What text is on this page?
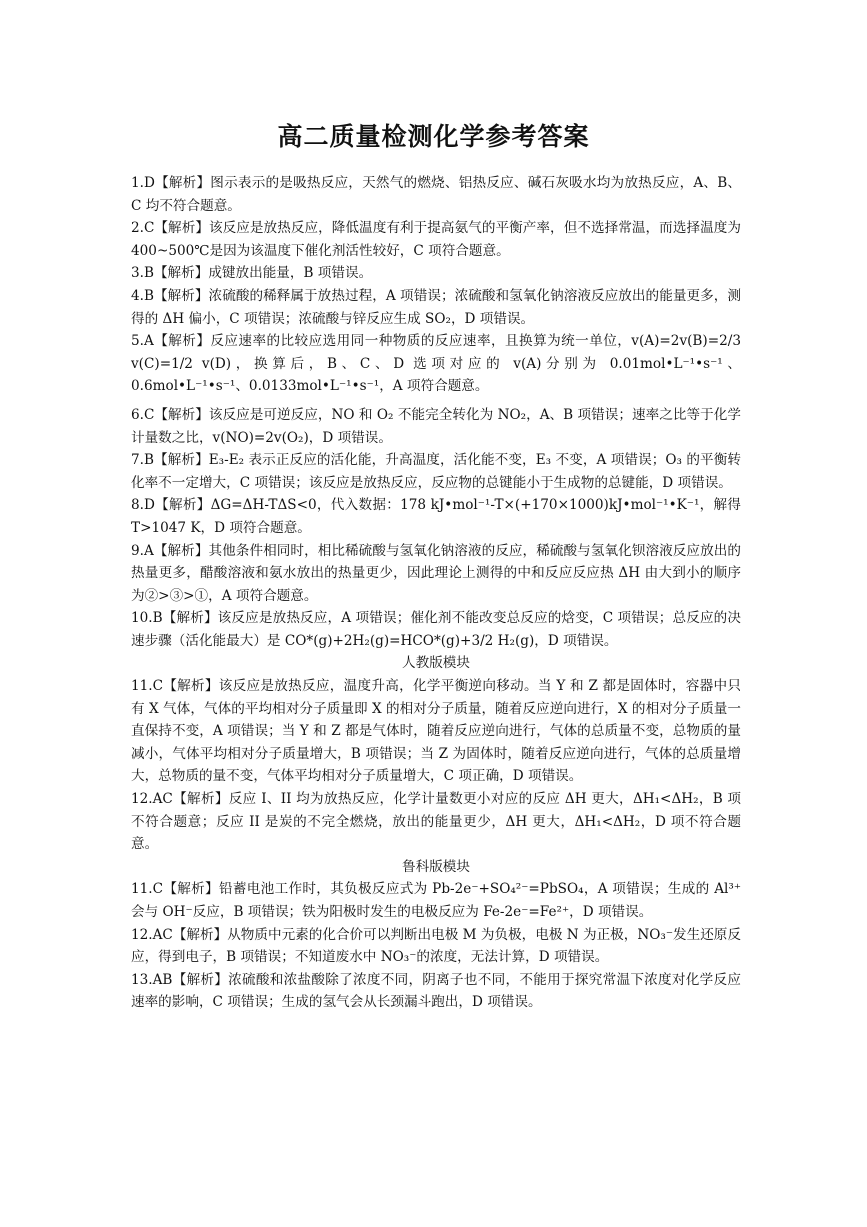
高二质量检测化学参考答案

1.D【解析】图示表示的是吸热反应，天然气的燃烧、铝热反应、碱石灰吸水均为放热反应，A、B、C 均不符合题意。

2.C【解析】该反应是放热反应，降低温度有利于提高氨气的平衡产率，但不选择常温，而选择温度为 400~500℃是因为该温度下催化剂活性较好，C 项符合题意。

3.B【解析】成键放出能量，B 项错误。

4.B【解析】浓硫酸的稀释属于放热过程，A 项错误；浓硫酸和氢氧化钠溶液反应放出的能量更多，测得的 ΔH 偏小，C 项错误；浓硫酸与锌反应生成 SO₂，D 项错误。

5.A【解析】反应速率的比较应选用同一种物质的反应速率，且换算为统一单位，v(A)=2v(B)=2/3 v(C)=1/2 v(D)，换算后，B、C、D 选项对应的 v(A)分别为 0.01mol•L⁻¹•s⁻¹、0.6mol•L⁻¹•s⁻¹、0.0133mol•L⁻¹•s⁻¹，A 项符合题意。

6.C【解析】该反应是可逆反应，NO 和 O₂ 不能完全转化为 NO₂，A、B 项错误；速率之比等于化学计量数之比，v(NO)=2v(O₂)，D 项错误。

7.B【解析】E₃-E₂ 表示正反应的活化能，升高温度，活化能不变，E₃ 不变，A 项错误；O₃ 的平衡转化率不一定增大，C 项错误；该反应是放热反应，反应物的总键能小于生成物的总键能，D 项错误。

8.D【解析】ΔG=ΔH-TΔS<0，代入数据：178 kJ•mol⁻¹-T×(+170×1000)kJ•mol⁻¹•K⁻¹，解得 T>1047 K，D 项符合题意。

9.A【解析】其他条件相同时，相比稀硫酸与氢氧化钠溶液的反应，稀硫酸与氢氧化钡溶液反应放出的热量更多，醋酸溶液和氨水放出的热量更少，因此理论上测得的中和反应反应热 ΔH 由大到小的顺序为②>③>①，A 项符合题意。

10.B【解析】该反应是放热反应，A 项错误；催化剂不能改变总反应的焓变，C 项错误；总反应的决速步骤（活化能最大）是 CO*(g)+2H₂(g)=HCO*(g)+3/2 H₂(g)，D 项错误。

人教版模块

11.C【解析】该反应是放热反应，温度升高，化学平衡逆向移动。当 Y 和 Z 都是固体时，容器中只有 X 气体，气体的平均相对分子质量即 X 的相对分子质量，随着反应逆向进行，X 的相对分子质量一直保持不变，A 项错误；当 Y 和 Z 都是气体时，随着反应逆向进行，气体的总质量不变，总物质的量减小，气体平均相对分子质量增大，B 项错误；当 Z 为固体时，随着反应逆向进行，气体的总质量增大，总物质的量不变，气体平均相对分子质量增大，C 项正确，D 项错误。

12.AC【解析】反应 I、II 均为放热反应，化学计量数更小对应的反应 ΔH 更大，ΔH₁<ΔH₂，B 项不符合题意；反应 II 是炭的不完全燃烧，放出的能量更少，ΔH 更大，ΔH₁<ΔH₂，D 项不符合题意。

鲁科版模块

11.C【解析】铅蓄电池工作时，其负极反应式为 Pb-2e⁻+SO₄²⁻=PbSO₄，A 项错误；生成的 Al³⁺ 会与 OH⁻反应，B 项错误；铁为阳极时发生的电极反应为 Fe-2e⁻=Fe²⁺，D 项错误。

12.AC【解析】从物质中元素的化合价可以判断出电极 M 为负极，电极 N 为正极，NO₃⁻发生还原反应，得到电子，B 项错误；不知道废水中 NO₃⁻的浓度，无法计算，D 项错误。

13.AB【解析】浓硫酸和浓盐酸除了浓度不同，阴离子也不同，不能用于探究常温下浓度对化学反应速率的影响，C 项错误；生成的氢气会从长颈漏斗跑出，D 项错误。
